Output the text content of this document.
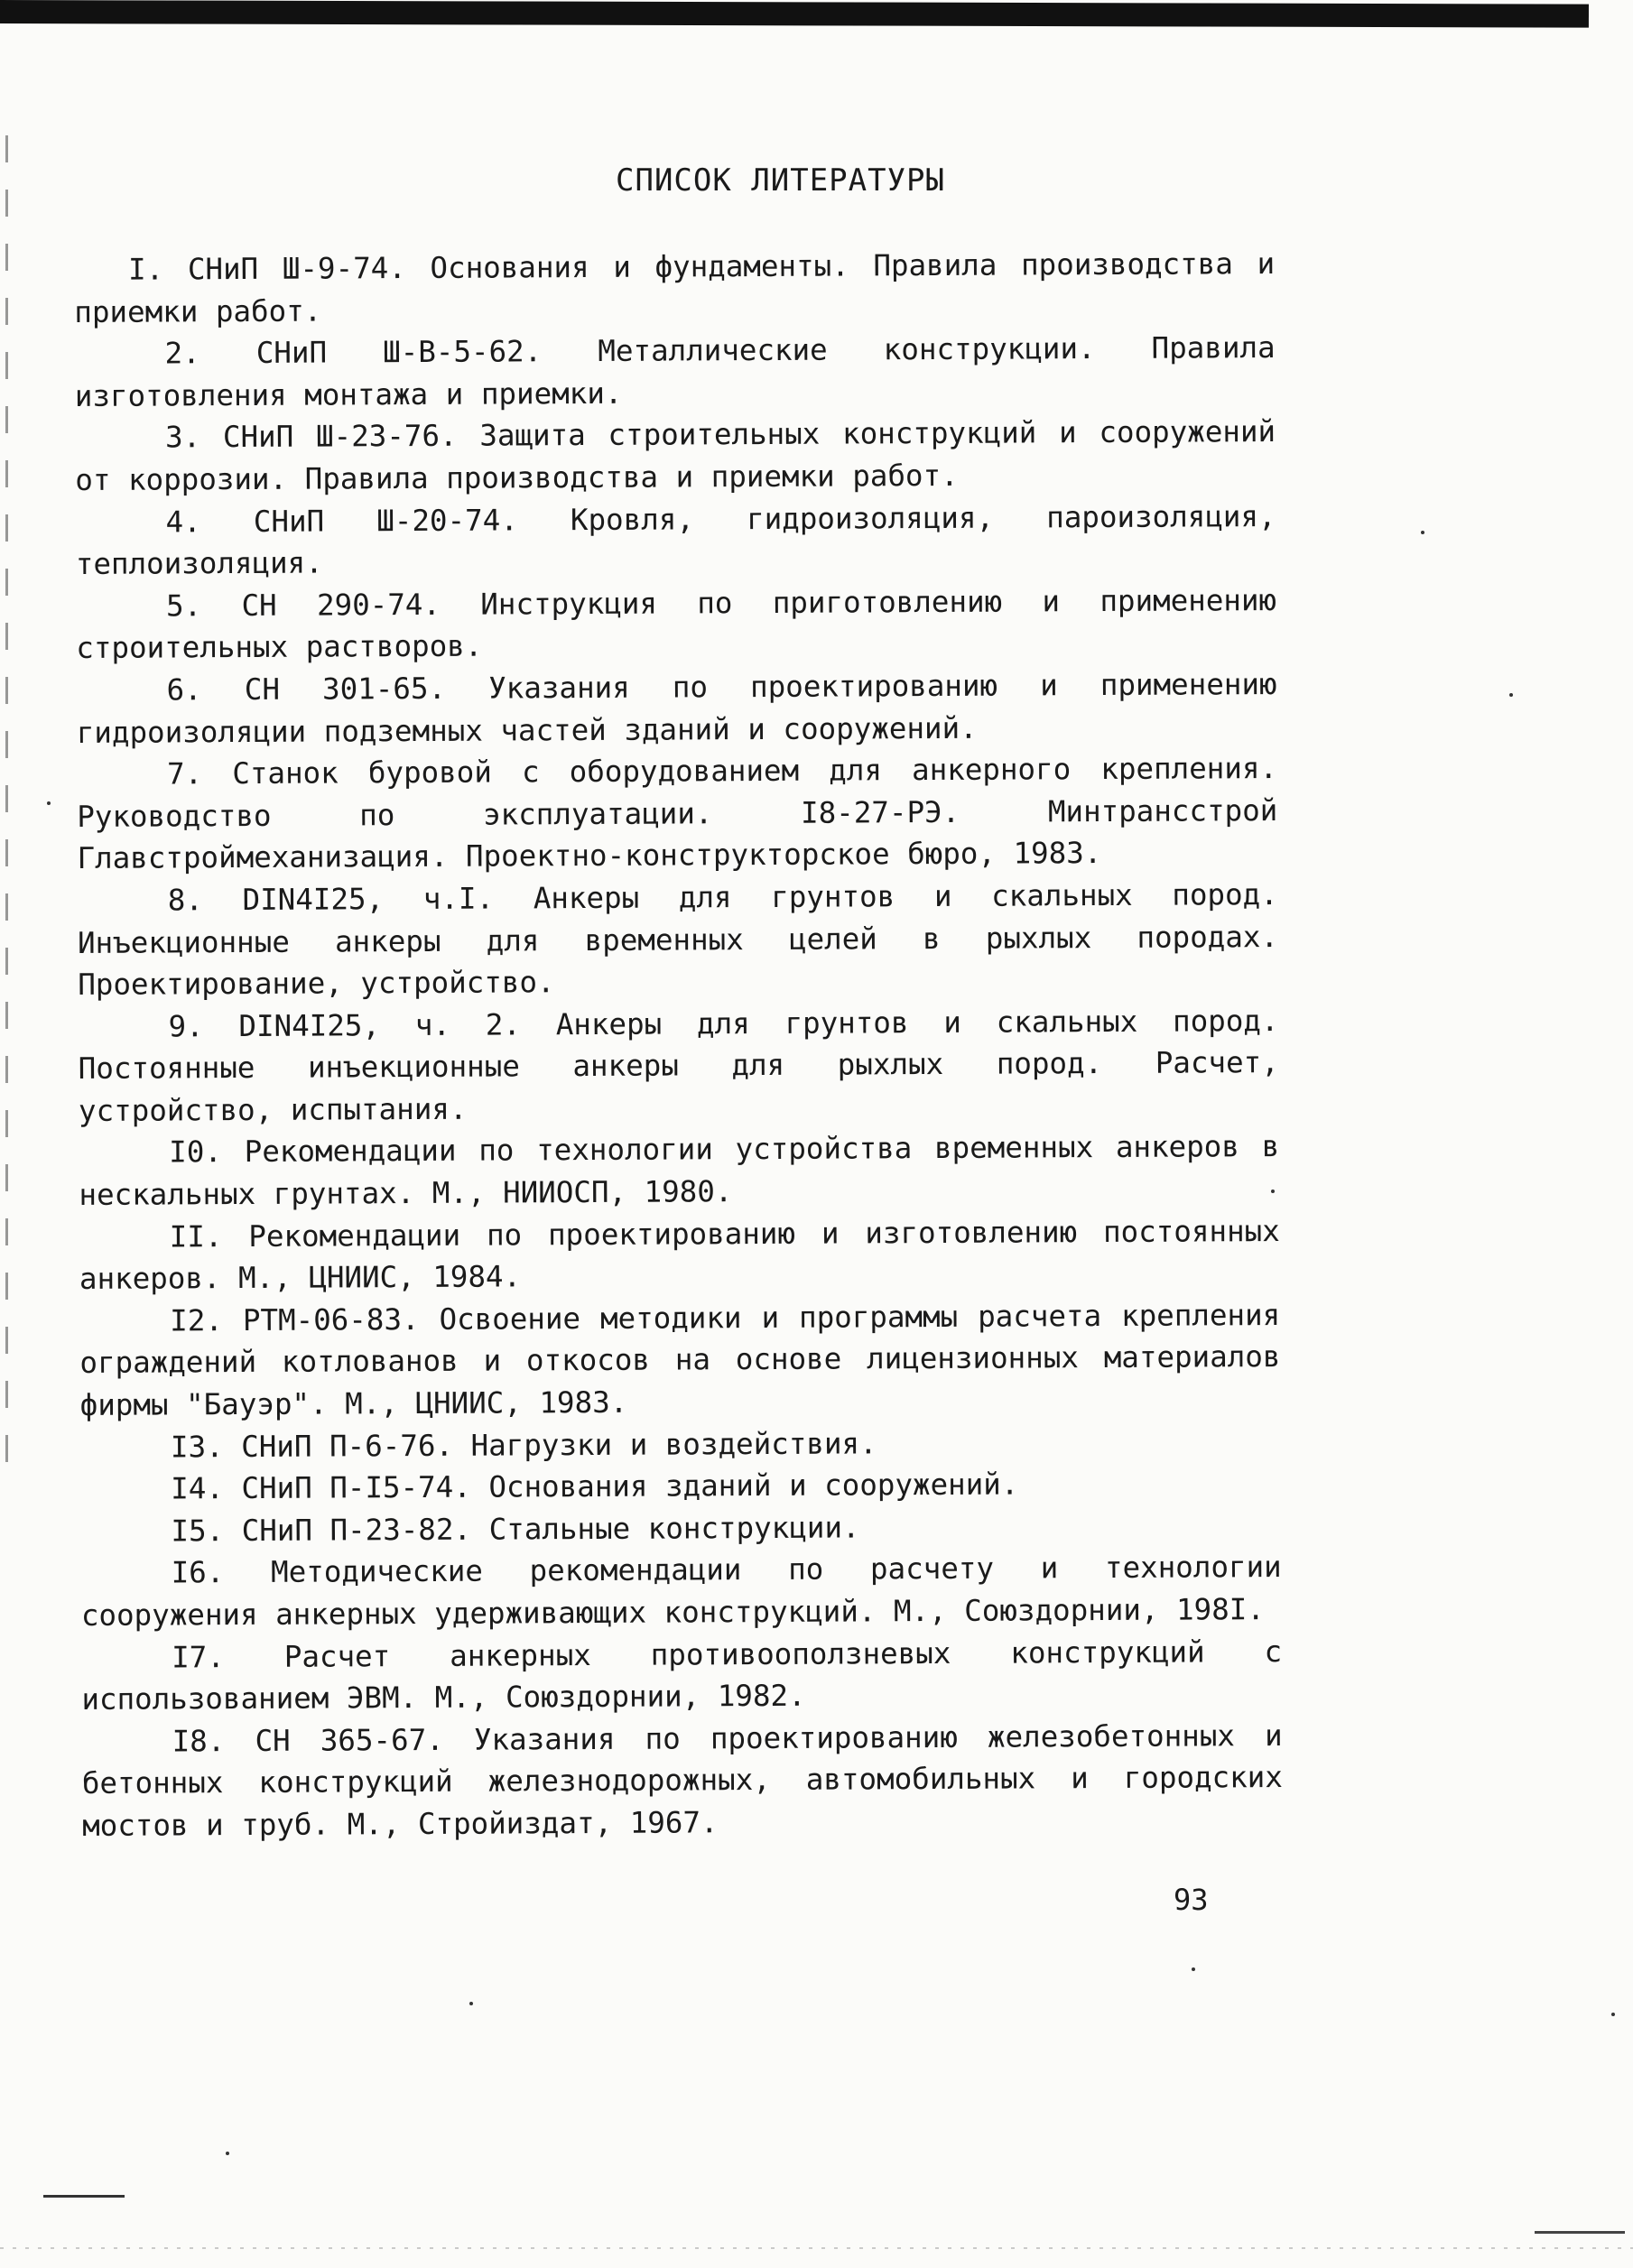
СПИСОК ЛИТЕРАТУРЫ

I. СНиП Ш-9-74. Основания и фундаменты. Правила производства и приемки работ.

2. СНиП Ш-В-5-62. Металлические конструкции. Правила изготовления монтажа и приемки.

3. СНиП Ш-23-76. Защита строительных конструкций и сооружений от коррозии. Правила производства и приемки работ.

4. СНиП Ш-20-74. Кровля, гидроизоляция, пароизоляция, теплоизоляция.

5. СН 290-74. Инструкция по приготовлению и применению строительных растворов.

6. СН 301-65. Указания по проектированию и применению гидроизоляции подземных частей зданий и сооружений.

7. Станок буровой с оборудованием для анкерного крепления. Руководство по эксплуатации. I8-27-РЭ. Минтрансстрой Главстроймеханизация. Проектно-конструкторское бюро, 1983.

8. DIN4I25, ч.I. Анкеры для грунтов и скальных пород. Инъекционные анкеры для временных целей в рыхлых породах. Проектирование, устройство.

9. DIN4I25, ч. 2. Анкеры для грунтов и скальных пород. Постоянные инъекционные анкеры для рыхлых пород. Расчет, устройство, испытания.

I0. Рекомендации по технологии устройства временных анкеров в нескальных грунтах. М., НИИОСП, 1980.

II. Рекомендации по проектированию и изготовлению постоянных анкеров. М., ЦНИИС, 1984.

I2. РТМ-06-83. Освоение методики и программы расчета крепления ограждений котлованов и откосов на основе лицензионных материалов фирмы "Бауэр". М., ЦНИИС, 1983.

I3. СНиП П-6-76. Нагрузки и воздействия.

I4. СНиП П-I5-74. Основания зданий и сооружений.

I5. СНиП П-23-82. Стальные конструкции.

I6. Методические рекомендации по расчету и технологии сооружения анкерных удерживающих конструкций. М., Союздорнии, 198I.

I7. Расчет анкерных противооползневых конструкций с использованием ЭВМ. М., Союздорнии, 1982.

I8. СН 365-67. Указания по проектированию железобетонных и бетонных конструкций железнодорожных, автомобильных и городских мостов и труб. М., Стройиздат, 1967.

93
